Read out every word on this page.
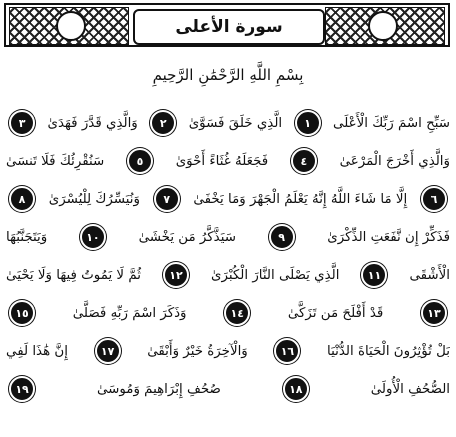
سورة الأعلى
بِسْمِ اللَّهِ الرَّحْمَٰنِ الرَّحِيمِ
سَبِّحِ اسْمَ رَبِّكَ الْأَعْلَى
١
الَّذِي خَلَقَ فَسَوَّىٰ
٢
وَالَّذِي قَدَّرَ فَهَدَىٰ
٣
وَالَّذِي أَخْرَجَ الْمَرْعَىٰ
٤
فَجَعَلَهُ غُثَاءً أَحْوَىٰ
٥
سَنُقْرِئُكَ فَلَا تَنسَىٰ
٦
إِلَّا مَا شَاءَ اللَّهُ إِنَّهُ يَعْلَمُ الْجَهْرَ وَمَا يَخْفَىٰ
٧
وَنُيَسِّرُكَ لِلْيُسْرَىٰ
٨
فَذَكِّرْ إِن نَّفَعَتِ الذِّكْرَىٰ
٩
سَيَذَّكَّرُ مَن يَخْشَىٰ
١٠
وَيَتَجَنَّبُهَا
الْأَشْقَى
١١
الَّذِي يَصْلَى النَّارَ الْكُبْرَىٰ
١٢
ثُمَّ لَا يَمُوتُ فِيهَا وَلَا يَحْيَىٰ
١٣
قَدْ أَفْلَحَ مَن تَزَكَّىٰ
١٤
وَذَكَرَ اسْمَ رَبِّهِ فَصَلَّىٰ
١٥
بَلْ تُؤْثِرُونَ الْحَيَاةَ الدُّنْيَا
١٦
وَالْآخِرَةُ خَيْرٌ وَأَبْقَىٰ
١٧
إِنَّ هَٰذَا لَفِي
الصُّحُفِ الْأُولَىٰ
١٨
صُحُفِ إِبْرَاهِيمَ وَمُوسَىٰ
١٩
